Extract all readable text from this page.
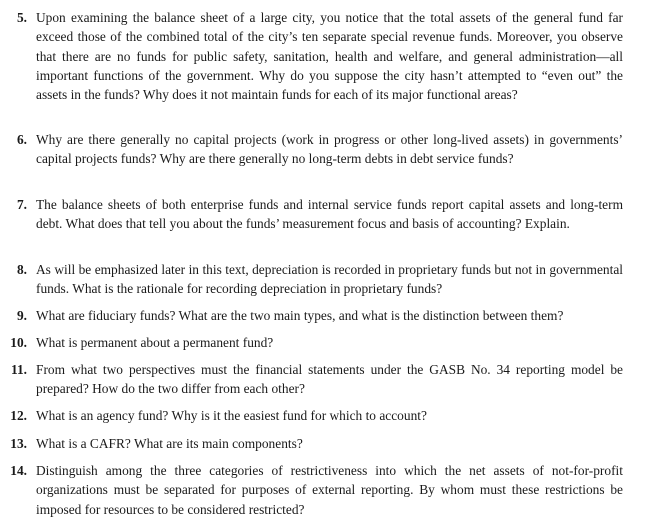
5. Upon examining the balance sheet of a large city, you notice that the total assets of the general fund far exceed those of the combined total of the city’s ten separate special revenue funds. Moreover, you observe that there are no funds for public safety, sanitation, health and welfare, and general administration—all important functions of the government. Why do you suppose the city hasn’t attempted to “even out” the assets in the funds? Why does it not maintain funds for each of its major functional areas?
6. Why are there generally no capital projects (work in progress or other long-lived assets) in governments’ capital projects funds? Why are there generally no long-term debts in debt service funds?
7. The balance sheets of both enterprise funds and internal service funds report capital assets and long-term debt. What does that tell you about the funds’ measurement focus and basis of accounting? Explain.
8. As will be emphasized later in this text, depreciation is recorded in proprietary funds but not in governmental funds. What is the rationale for recording depreciation in proprietary funds?
9. What are fiduciary funds? What are the two main types, and what is the distinction between them?
10. What is permanent about a permanent fund?
11. From what two perspectives must the financial statements under the GASB No. 34 reporting model be prepared? How do the two differ from each other?
12. What is an agency fund? Why is it the easiest fund for which to account?
13. What is a CAFR? What are its main components?
14. Distinguish among the three categories of restrictiveness into which the net assets of not-for-profit organizations must be separated for purposes of external reporting. By whom must these restrictions be imposed for resources to be considered restricted?
